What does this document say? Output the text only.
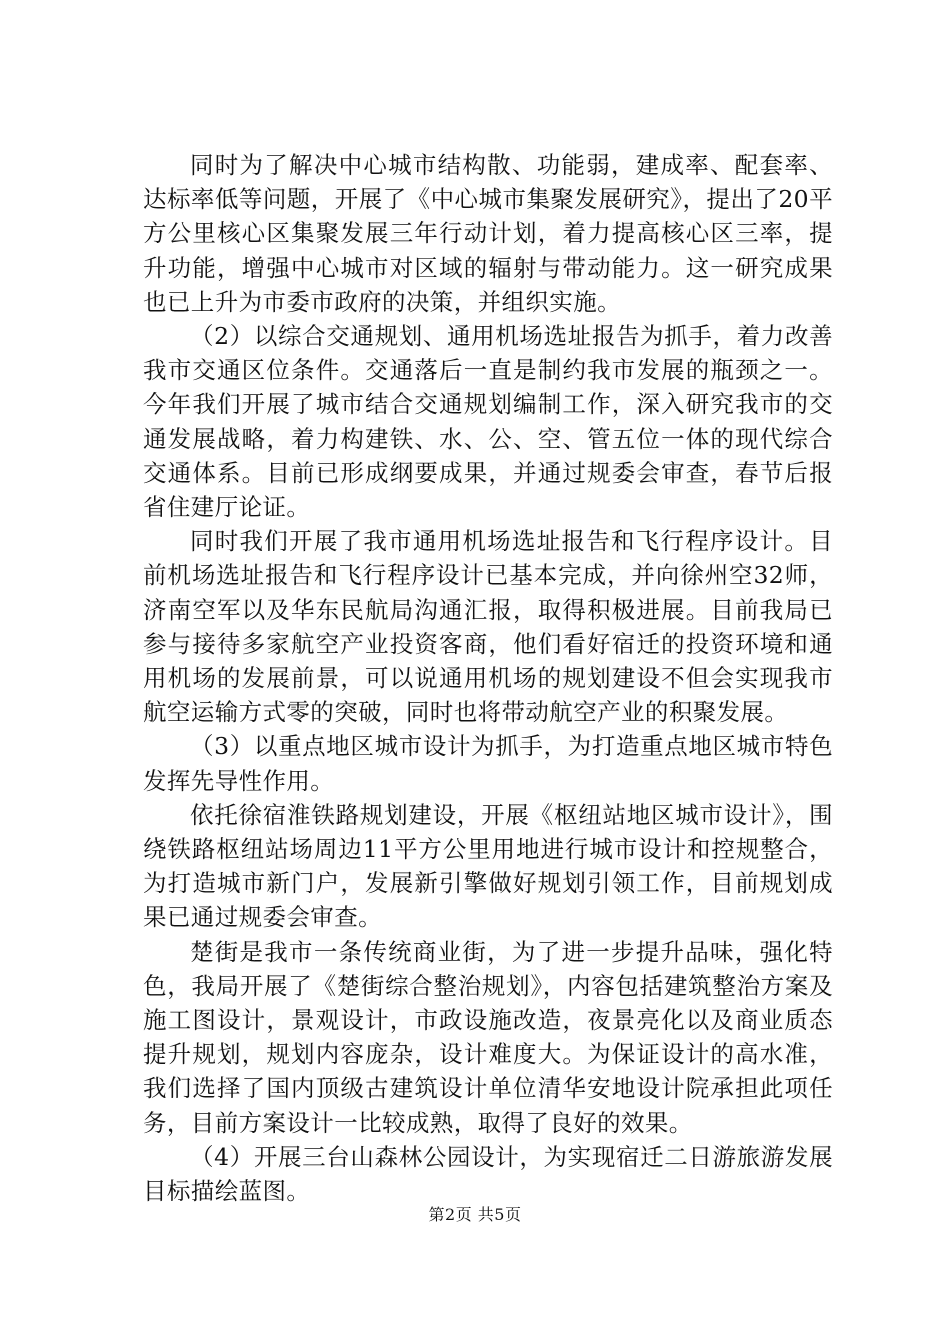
同时为了解决中心城市结构散、功能弱，建成率、配套率、达标率低等问题，开展了《中心城市集聚发展研究》，提出了20平方公里核心区集聚发展三年行动计划，着力提高核心区三率，提升功能，增强中心城市对区域的辐射与带动能力。这一研究成果也已上升为市委市政府的决策，并组织实施。

（2）以综合交通规划、通用机场选址报告为抓手，着力改善我市交通区位条件。交通落后一直是制约我市发展的瓶颈之一。今年我们开展了城市结合交通规划编制工作，深入研究我市的交通发展战略，着力构建铁、水、公、空、管五位一体的现代综合交通体系。目前已形成纲要成果，并通过规委会审查，春节后报省住建厅论证。

同时我们开展了我市通用机场选址报告和飞行程序设计。目前机场选址报告和飞行程序设计已基本完成，并向徐州空32师，济南空军以及华东民航局沟通汇报，取得积极进展。目前我局已参与接待多家航空产业投资客商，他们看好宿迁的投资环境和通用机场的发展前景，可以说通用机场的规划建设不但会实现我市航空运输方式零的突破，同时也将带动航空产业的积聚发展。

（3）以重点地区城市设计为抓手，为打造重点地区城市特色发挥先导性作用。

依托徐宿淮铁路规划建设，开展《枢纽站地区城市设计》，围绕铁路枢纽站场周边11平方公里用地进行城市设计和控规整合，为打造城市新门户，发展新引擎做好规划引领工作，目前规划成果已通过规委会审查。

楚街是我市一条传统商业街，为了进一步提升品味，强化特色，我局开展了《楚街综合整治规划》，内容包括建筑整治方案及施工图设计，景观设计，市政设施改造，夜景亮化以及商业质态提升规划，规划内容庞杂，设计难度大。为保证设计的高水准，我们选择了国内顶级古建筑设计单位清华安地设计院承担此项任务，目前方案设计一比较成熟，取得了良好的效果。

（4）开展三台山森林公园设计，为实现宿迁二日游旅游发展目标描绘蓝图。

第2页 共5页
